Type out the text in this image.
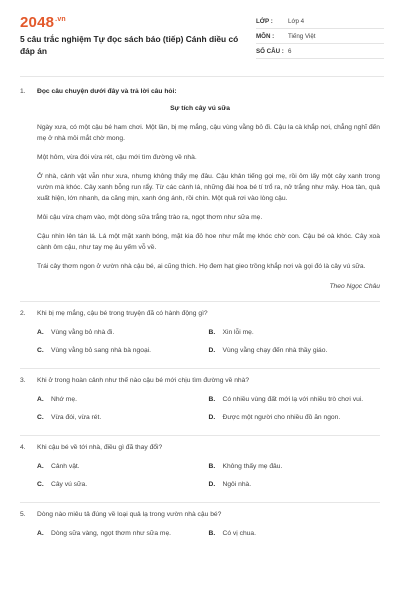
$2048^{.vn}$
5 câu trắc nghiệm Tự đọc sách báo (tiếp) Cánh diều có đáp án
LỚP :	Lớp 4
MÔN :	Tiếng Việt
SỐ CÂU : 6
1.	Đọc câu chuyện dưới đây và trả lời câu hỏi:
Sự tích cây vú sữa
Ngày xưa, có một cậu bé ham chơi. Một lần, bị mẹ mắng, cậu vùng vằng bỏ đi. Cậu la cà khắp nơi, chẳng nghĩ đến mẹ ở nhà mỏi mắt chờ mong.
Một hôm, vừa đói vừa rét, cậu mới tìm đường về nhà.
Ở nhà, cảnh vật vẫn như xưa, nhưng không thấy mẹ đâu. Cậu khản tiếng gọi mẹ, rồi ôm lấy một cây xanh trong vườn mà khóc. Cây xanh bỗng run rẩy. Từ các cành lá, những đài hoa bé tí trổ ra, nở trắng như mây. Hoa tàn, quả xuất hiện, lớn nhanh, da căng mịn, xanh óng ánh, rồi chín. Một quả rơi vào lòng cậu.
Môi cậu vừa chạm vào, một dòng sữa trắng trào ra, ngọt thơm như sữa mẹ.
Cậu nhìn lên tán lá. Lá một mặt xanh bóng, mặt kia đỏ hoe như mắt mẹ khóc chờ con. Cậu bé oà khóc. Cây xoà cành ôm cậu, như tay mẹ âu yếm vỗ về.
Trái cây thơm ngon ở vườn nhà cậu bé, ai cũng thích. Họ đem hạt gieo trồng khắp nơi và gọi đó là cây vú sữa.
Theo Ngọc Châu
2.	Khi bị mẹ mắng, cậu bé trong truyện đã có hành động gì?
A.	Vùng vằng bỏ nhà đi.	B.	Xin lỗi mẹ.
C.	Vùng vằng bỏ sang nhà bà ngoại.	D.	Vùng vằng chạy đến nhà thầy giáo.
3.	Khi ở trong hoàn cảnh như thế nào cậu bé mới chịu tìm đường về nhà?
A.	Nhớ mẹ.	B.	Có nhiều vùng đất mới lạ với nhiều trò chơi vui.
C.	Vừa đói, vừa rét.	D.	Được một người cho nhiều đồ ăn ngon.
4.	Khi cậu bé về tới nhà, điều gì đã thay đổi?
A.	Cảnh vật.	B.	Không thấy mẹ đâu.
C.	Cây vú sữa.	D.	Ngôi nhà.
5.	Dòng nào miêu tả đúng về loại quả lạ trong vườn nhà cậu bé?
A.	Dòng sữa vàng, ngọt thơm như sữa mẹ.	B.	Có vị chua.
